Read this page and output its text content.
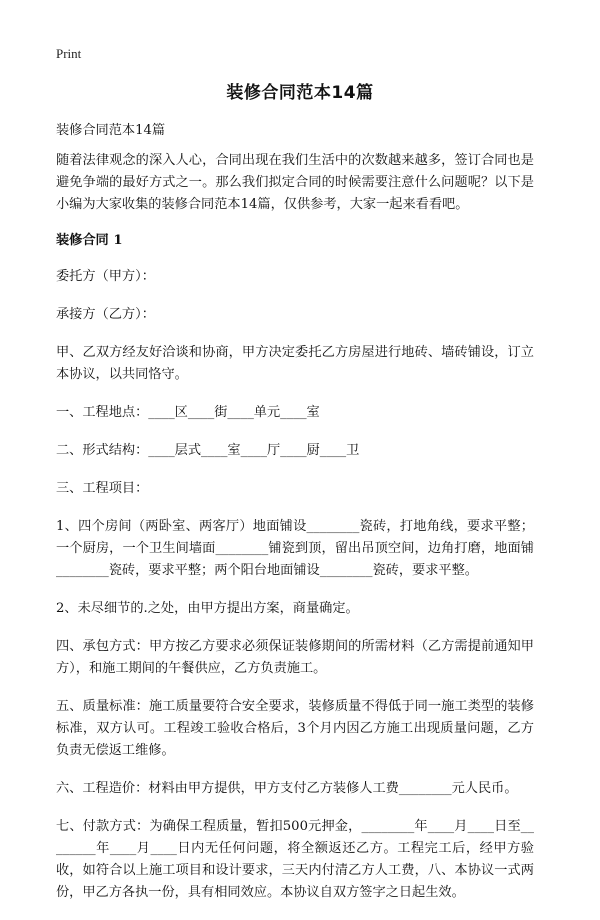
Print
装修合同范本14篇

装修合同范本14篇

随着法律观念的深入人心，合同出现在我们生活中的次数越来越多，签订合同也是避免争端的最好方式之一。那么我们拟定合同的时候需要注意什么问题呢？以下是小编为大家收集的装修合同范本14篇，仅供参考，大家一起来看看吧。

装修合同 1

委托方（甲方）：

承接方（乙方）：

甲、乙双方经友好洽谈和协商，甲方决定委托乙方房屋进行地砖、墙砖铺设，订立本协议，以共同恪守。

一、工程地点：____区____街____单元____室

二、形式结构：____层式____室____厅____厨____卫

三、工程项目：

1、四个房间（两卧室、两客厅）地面铺设________瓷砖，打地角线，要求平整；一个厨房，一个卫生间墙面________铺瓷到顶，留出吊顶空间，边角打磨，地面铺________瓷砖，要求平整；两个阳台地面铺设________瓷砖，要求平整。

2、未尽细节的.之处，由甲方提出方案，商量确定。

四、承包方式：甲方按乙方要求必须保证装修期间的所需材料（乙方需提前通知甲方），和施工期间的午餐供应，乙方负责施工。

五、质量标准：施工质量要符合安全要求，装修质量不得低于同一施工类型的装修标准，双方认可。工程竣工验收合格后，3个月内因乙方施工出现质量问题，乙方负责无偿返工维修。

六、工程造价：材料由甲方提供，甲方支付乙方装修人工费________元人民币。

七、付款方式：为确保工程质量，暂扣500元押金，________年____月____日至________年____月____日内无任何问题，将全额返还乙方。工程完工后，经甲方验收，如符合以上施工项目和设计要求，三天内付清乙方人工费，八、本协议一式两份，甲乙方各执一份，具有相同效应。本协议自双方签字之日起生效。
